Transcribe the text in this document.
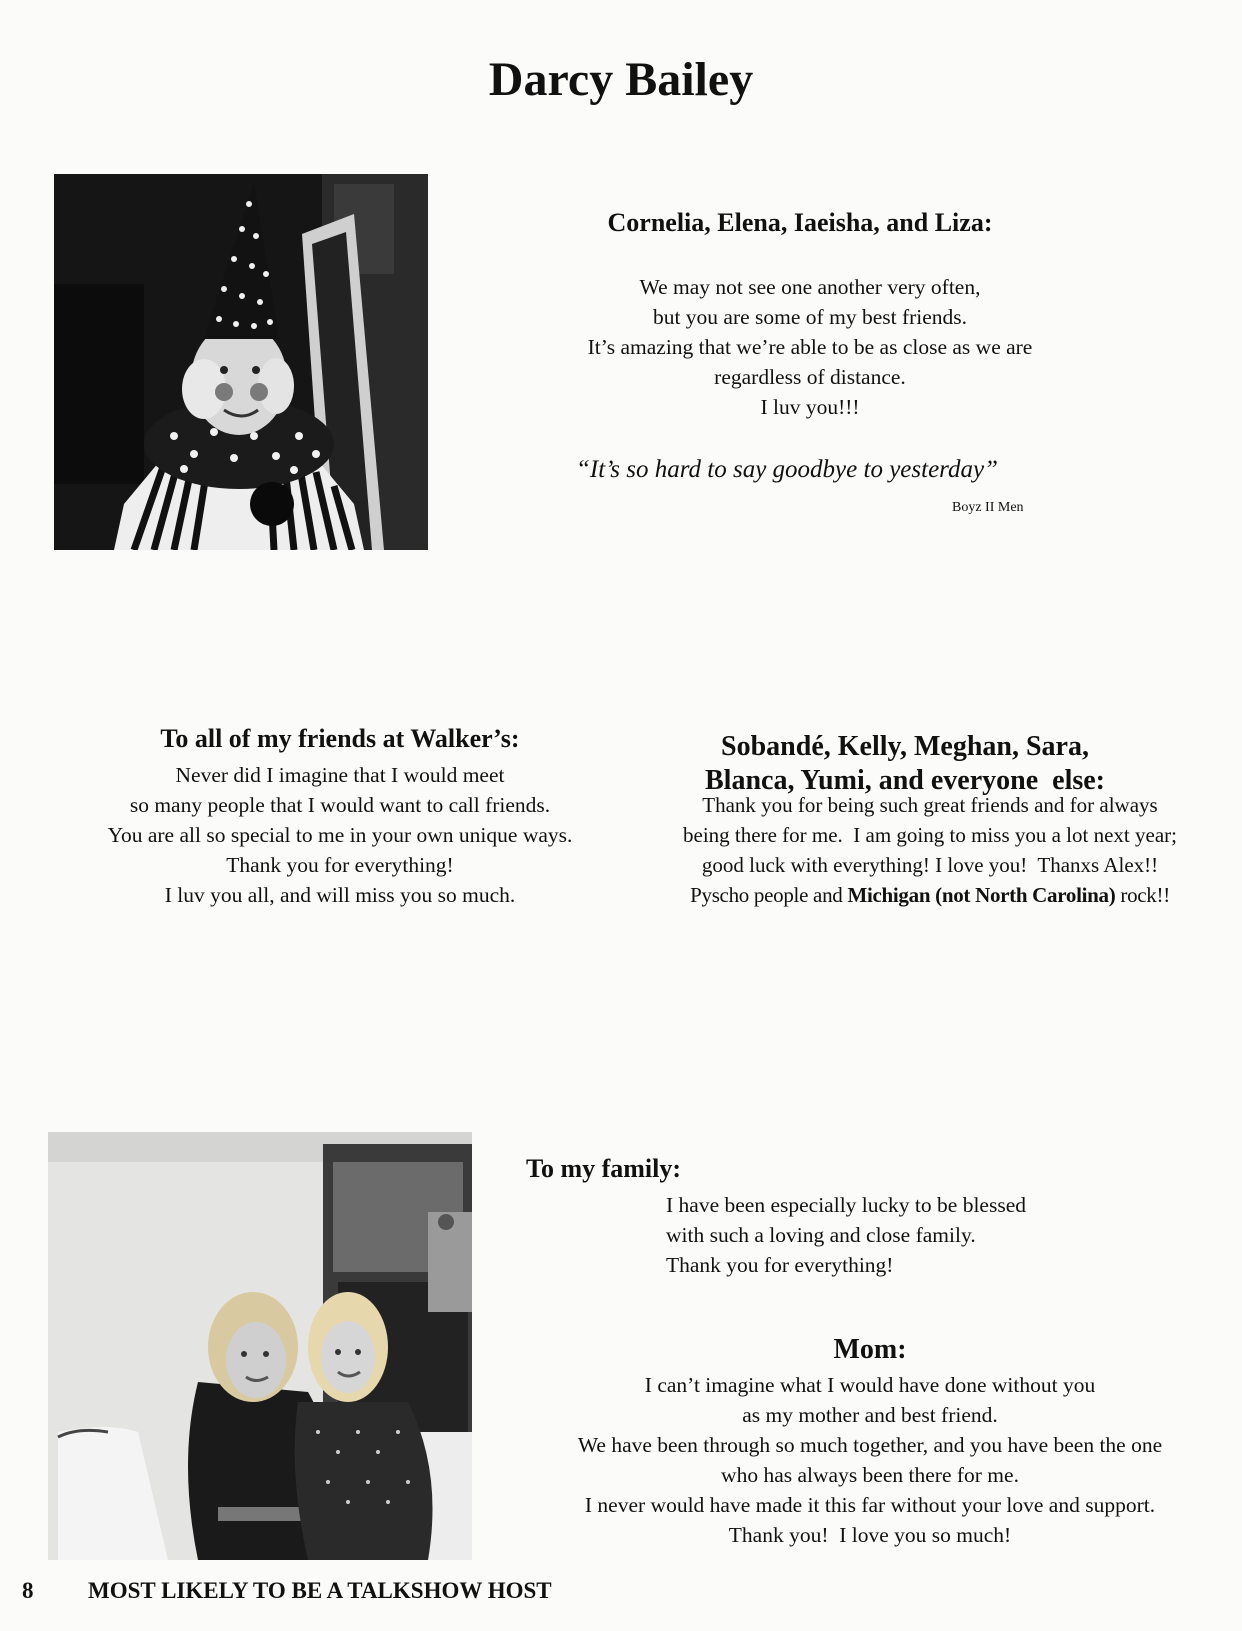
Darcy Bailey
Cornelia, Elena, Iaeisha, and Liza:
We may not see one another very often,
but you are some of my best friends.
It’s amazing that we’re able to be as close as we are
regardless of distance.
I luv you!!!
“It’s so hard to say goodbye to yesterday”
Boyz II Men
To all of my friends at Walker’s:
Never did I imagine that I would meet
so many people that I would want to call friends.
You are all so special to me in your own unique ways.
Thank you for everything!
I luv you all, and will miss you so much.
Sobandé, Kelly, Meghan, Sara,
Blanca, Yumi, and everyone  else:
Thank you for being such great friends and for always
being there for me.  I am going to miss you a lot next year;
good luck with everything! I love you!  Thanxs Alex!!
Pyscho people and Michigan (not North Carolina) rock!!
To my family:
I have been especially lucky to be blessed
with such a loving and close family.
Thank you for everything!
Mom:
I can’t imagine what I would have done without you
as my mother and best friend.
We have been through so much together, and you have been the one
who has always been there for me.
I never would have made it this far without your love and support.
Thank you!  I love you so much!
8 MOST LIKELY TO BE A TALKSHOW HOST
